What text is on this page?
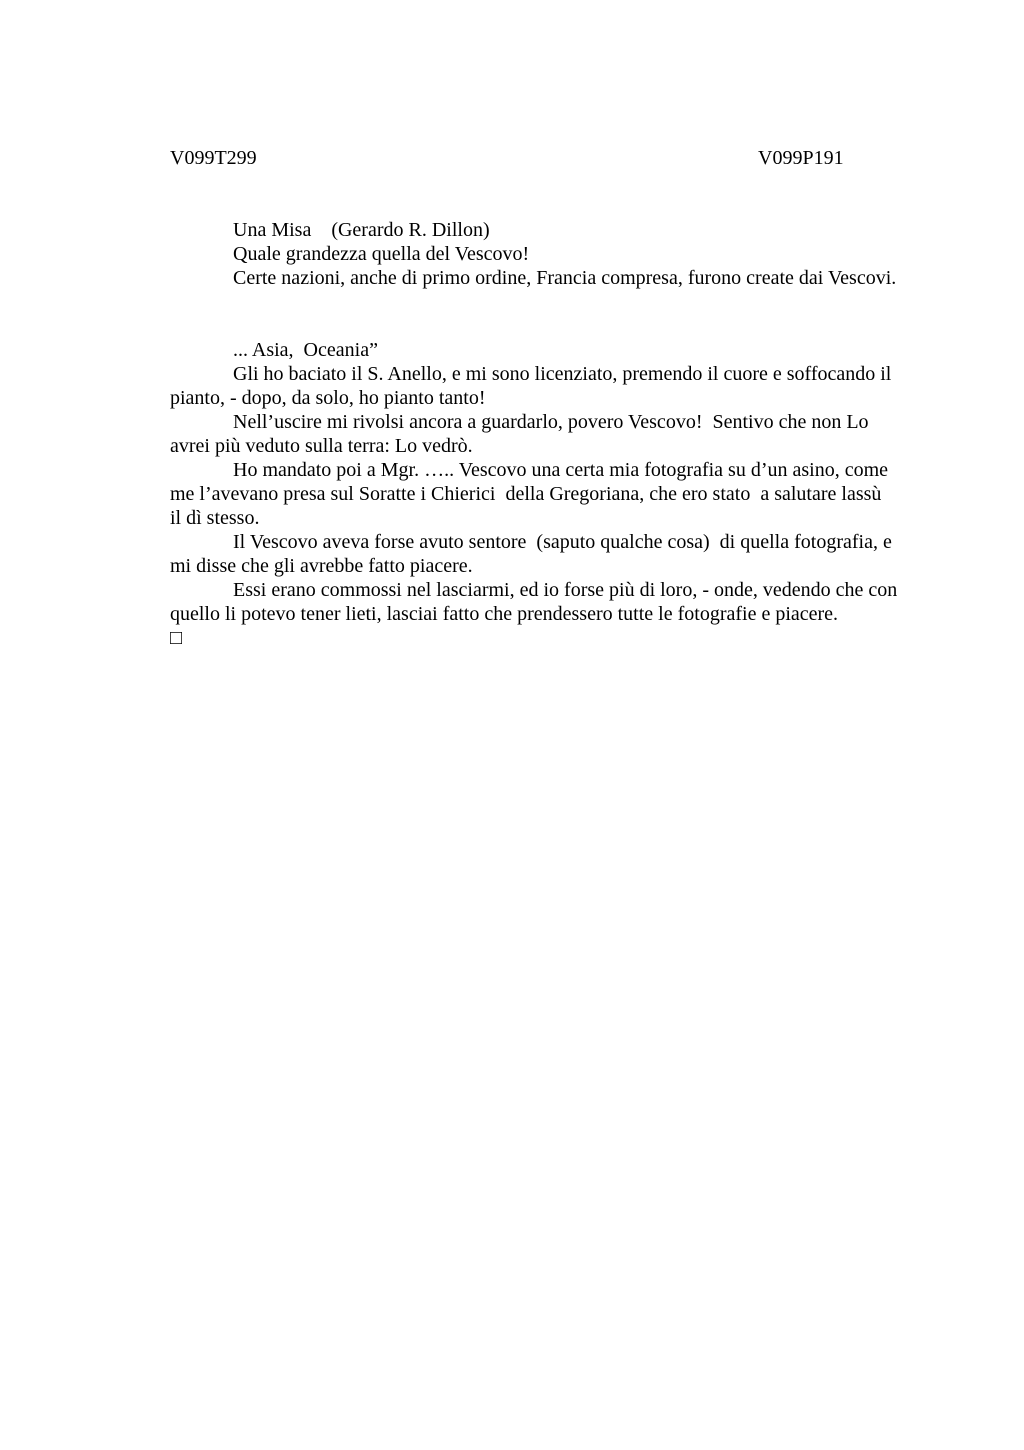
V099T299	V099P191
Una Misa    (Gerardo R. Dillon)
Quale grandezza quella del Vescovo!
Certe nazioni, anche di primo ordine, Francia compresa, furono create dai Vescovi.
... Asia,  Oceania”
Gli ho baciato il S. Anello, e mi sono licenziato, premendo il cuore e soffocando il
pianto, - dopo, da solo, ho pianto tanto!
Nell’uscire mi rivolsi ancora a guardarlo, povero Vescovo!  Sentivo che non Lo
avrei più veduto sulla terra: Lo vedrò.
Ho mandato poi a Mgr. ….. Vescovo una certa mia fotografia su d’un asino, come
me l’avevano presa sul Soratte i Chierici  della Gregoriana, che ero stato  a salutare lassù
il dì stesso.
Il Vescovo aveva forse avuto sentore  (saputo qualche cosa)  di quella fotografia, e
mi disse che gli avrebbe fatto piacere.
Essi erano commossi nel lasciarmi, ed io forse più di loro, - onde, vedendo che con
quello li potevo tener lieti, lasciai fatto che prendessero tutte le fotografie e piacere.
□
